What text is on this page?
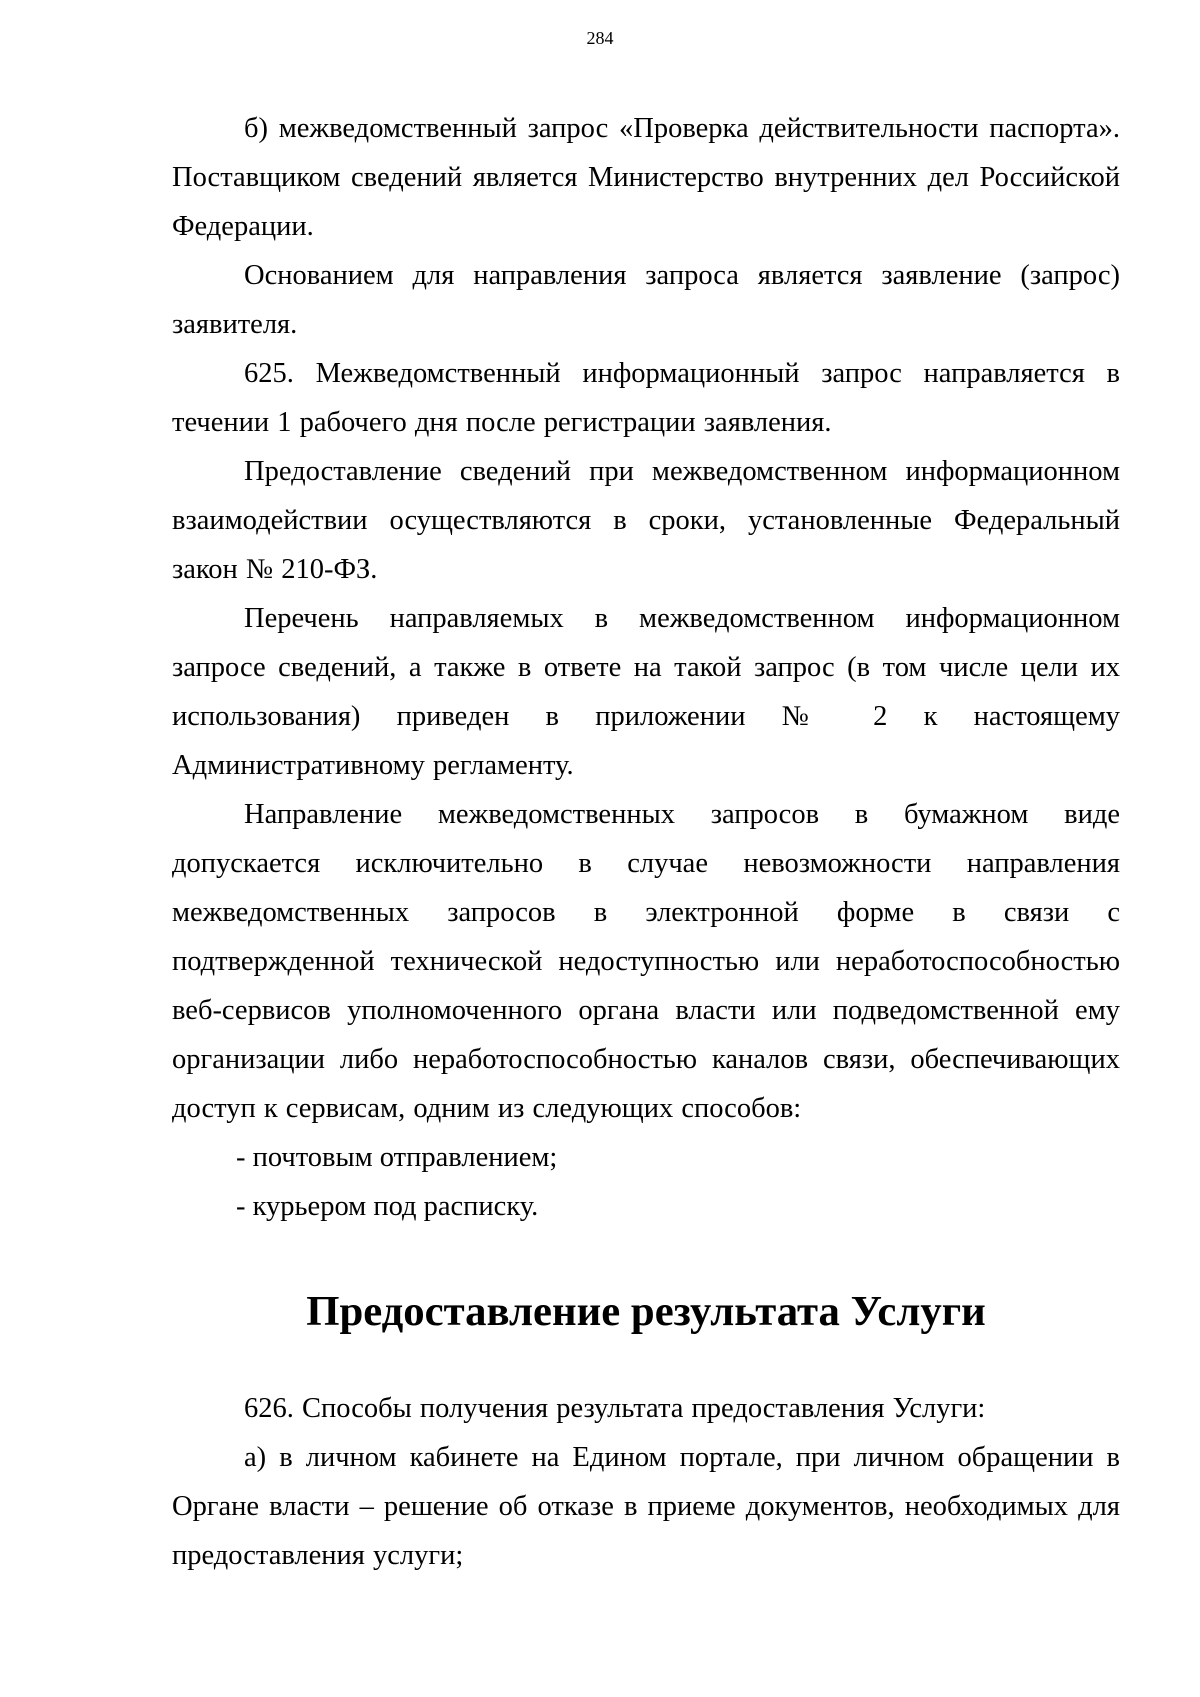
284

б) межведомственный запрос «Проверка действительности паспорта». Поставщиком сведений является Министерство внутренних дел Российской Федерации.

Основанием для направления запроса является заявление (запрос) заявителя.

625. Межведомственный информационный запрос направляется в течении 1 рабочего дня после регистрации заявления.

Предоставление сведений при межведомственном информационном взаимодействии осуществляются в сроки, установленные Федеральный закон № 210-ФЗ.

Перечень направляемых в межведомственном информационном запросе сведений, а также в ответе на такой запрос (в том числе цели их использования) приведен в приложении № 2 к настоящему Административному регламенту.

Направление межведомственных запросов в бумажном виде допускается исключительно в случае невозможности направления межведомственных запросов в электронной форме в связи с подтвержденной технической недоступностью или неработоспособностью веб-сервисов уполномоченного органа власти или подведомственной ему организации либо неработоспособностью каналов связи, обеспечивающих доступ к сервисам, одним из следующих способов:

- почтовым отправлением;

- курьером под расписку.

Предоставление результата Услуги

626. Способы получения результата предоставления Услуги:

а) в личном кабинете на Едином портале, при личном обращении в Органе власти – решение об отказе в приеме документов, необходимых для предоставления услуги;
